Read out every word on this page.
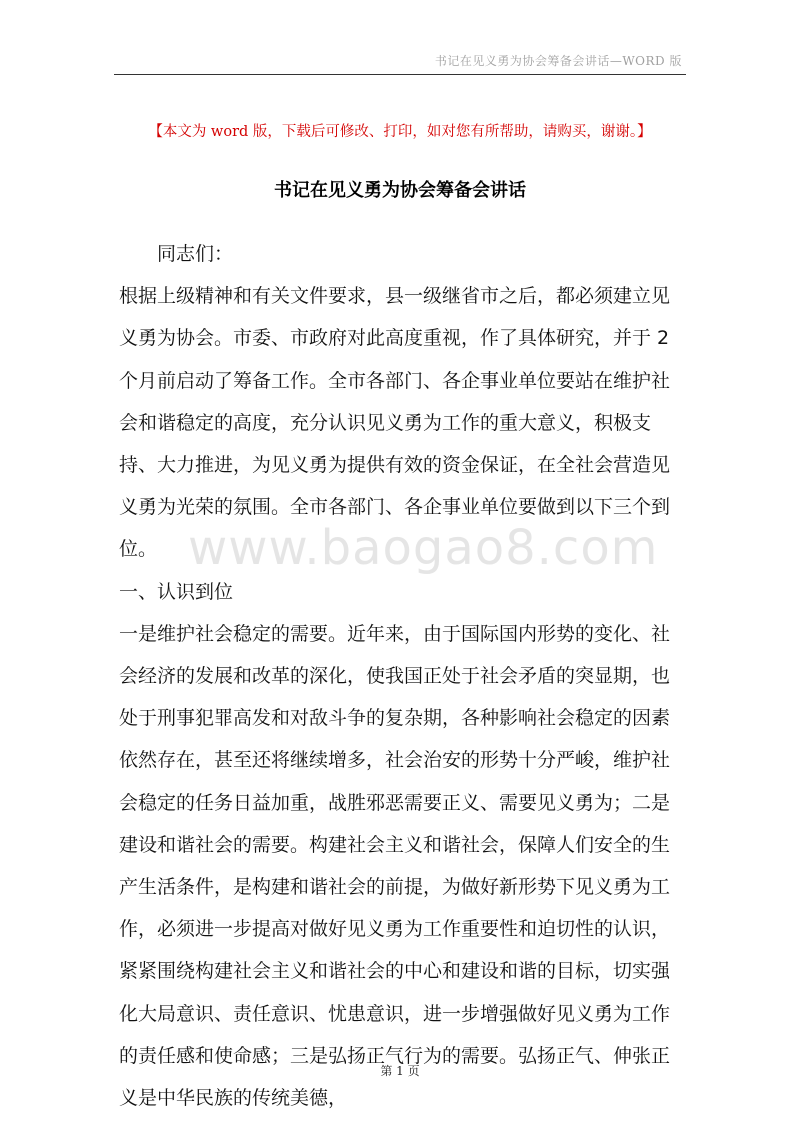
书记在见义勇为协会筹备会讲话—WORD 版
【本文为 word 版，下载后可修改、打印，如对您有所帮助，请购买，谢谢。】
书记在见义勇为协会筹备会讲话

同志们：

根据上级精神和有关文件要求，县一级继省市之后，都必须建立见义勇为协会。市委、市政府对此高度重视，作了具体研究，并于 2 个月前启动了筹备工作。全市各部门、各企事业单位要站在维护社会和谐稳定的高度，充分认识见义勇为工作的重大意义，积极支持、大力推进，为见义勇为提供有效的资金保证，在全社会营造见义勇为光荣的氛围。全市各部门、各企事业单位要做到以下三个到位。

一、认识到位

一是维护社会稳定的需要。近年来，由于国际国内形势的变化、社会经济的发展和改革的深化，使我国正处于社会矛盾的突显期，也处于刑事犯罪高发和对敌斗争的复杂期，各种影响社会稳定的因素依然存在，甚至还将继续增多，社会治安的形势十分严峻，维护社会稳定的任务日益加重，战胜邪恶需要正义、需要见义勇为；二是建设和谐社会的需要。构建社会主义和谐社会，保障人们安全的生产生活条件，是构建和谐社会的前提，为做好新形势下见义勇为工作，必须进一步提高对做好见义勇为工作重要性和迫切性的认识，紧紧围绕构建社会主义和谐社会的中心和建设和谐的目标，切实强化大局意识、责任意识、忧患意识，进一步增强做好见义勇为工作的责任感和使命感；三是弘扬正气行为的需要。弘扬正气、伸张正义是中华民族的传统美德，

www.baogao8.com
第 1 页
